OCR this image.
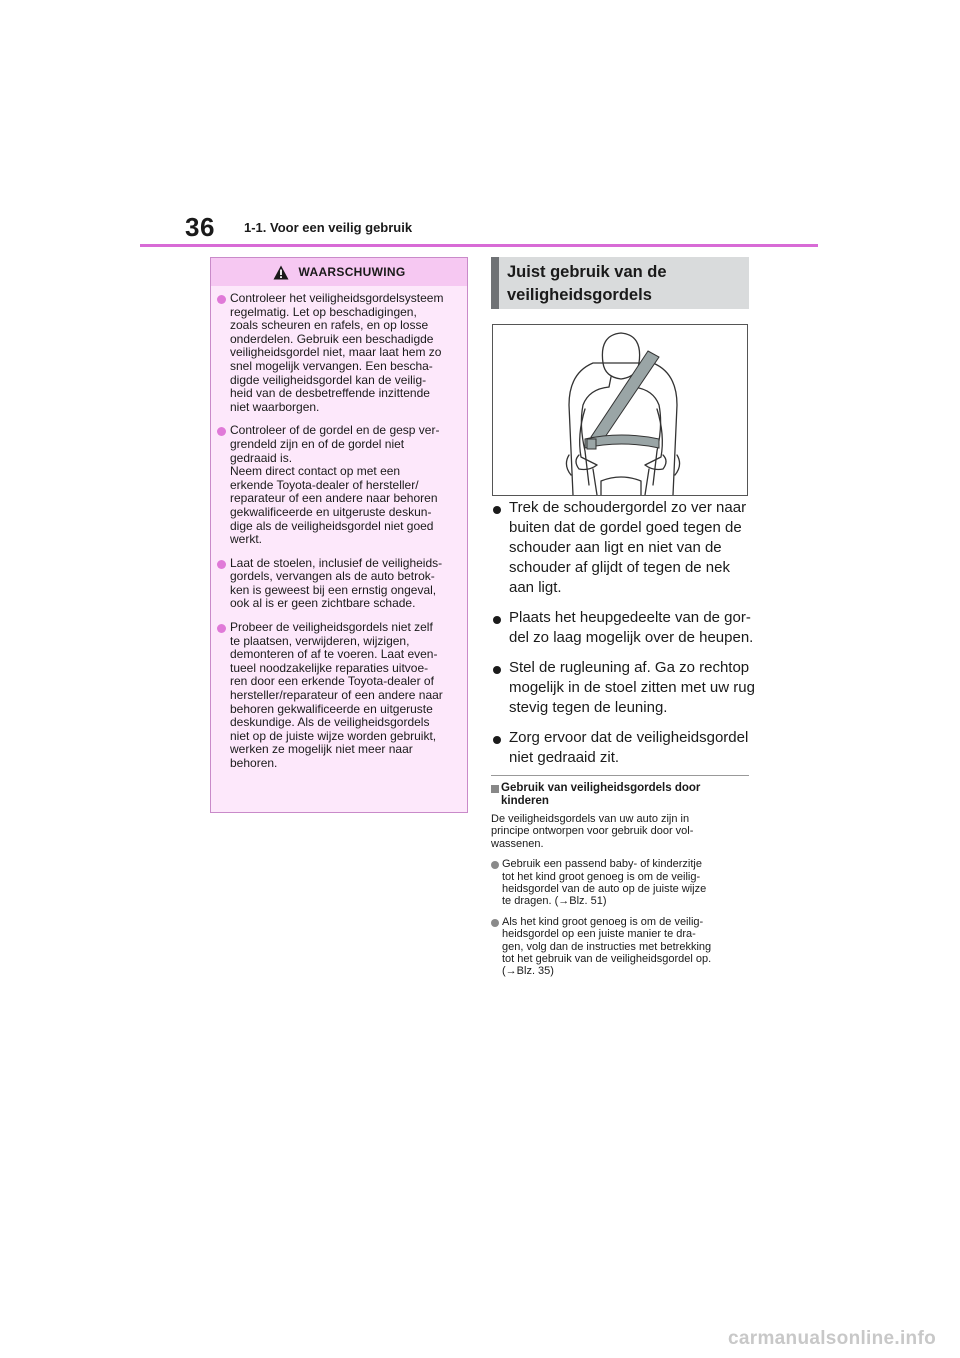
36 1-1. Voor een veilig gebruik
WAARSCHUWING
Controleer het veiligheidsgordelsysteem
regelmatig. Let op beschadigingen,
zoals scheuren en rafels, en op losse
onderdelen. Gebruik een beschadigde
veiligheidsgordel niet, maar laat hem zo
snel mogelijk vervangen. Een bescha-
digde veiligheidsgordel kan de veilig-
heid van de desbetreffende inzittende
niet waarborgen.
Controleer of de gordel en de gesp ver-
grendeld zijn en of de gordel niet
gedraaid is.
Neem direct contact op met een
erkende Toyota-dealer of hersteller/
reparateur of een andere naar behoren
gekwalificeerde en uitgeruste deskun-
dige als de veiligheidsgordel niet goed
werkt.
Laat de stoelen, inclusief de veiligheids-
gordels, vervangen als de auto betrok-
ken is geweest bij een ernstig ongeval,
ook al is er geen zichtbare schade.
Probeer de veiligheidsgordels niet zelf
te plaatsen, verwijderen, wijzigen,
demonteren of af te voeren. Laat even-
tueel noodzakelijke reparaties uitvoe-
ren door een erkende Toyota-dealer of
hersteller/reparateur of een andere naar
behoren gekwalificeerde en uitgeruste
deskundige. Als de veiligheidsgordels
niet op de juiste wijze worden gebruikt,
werken ze mogelijk niet meer naar
behoren.
Juist gebruik van de
veiligheidsgordels
Trek de schoudergordel zo ver naar
buiten dat de gordel goed tegen de
schouder aan ligt en niet van de
schouder af glijdt of tegen de nek
aan ligt.
Plaats het heupgedeelte van de gor-
del zo laag mogelijk over de heupen.
Stel de rugleuning af. Ga zo rechtop
mogelijk in de stoel zitten met uw rug
stevig tegen de leuning.
Zorg ervoor dat de veiligheidsgordel
niet gedraaid zit.
Gebruik van veiligheidsgordels door
kinderen
De veiligheidsgordels van uw auto zijn in
principe ontworpen voor gebruik door vol-
wassenen.
Gebruik een passend baby- of kinderzitje
tot het kind groot genoeg is om de veilig-
heidsgordel van de auto op de juiste wijze
te dragen. (→Blz. 51)
Als het kind groot genoeg is om de veilig-
heidsgordel op een juiste manier te dra-
gen, volg dan de instructies met betrekking
tot het gebruik van de veiligheidsgordel op.
(→Blz. 35)
carmanualsonline.info
